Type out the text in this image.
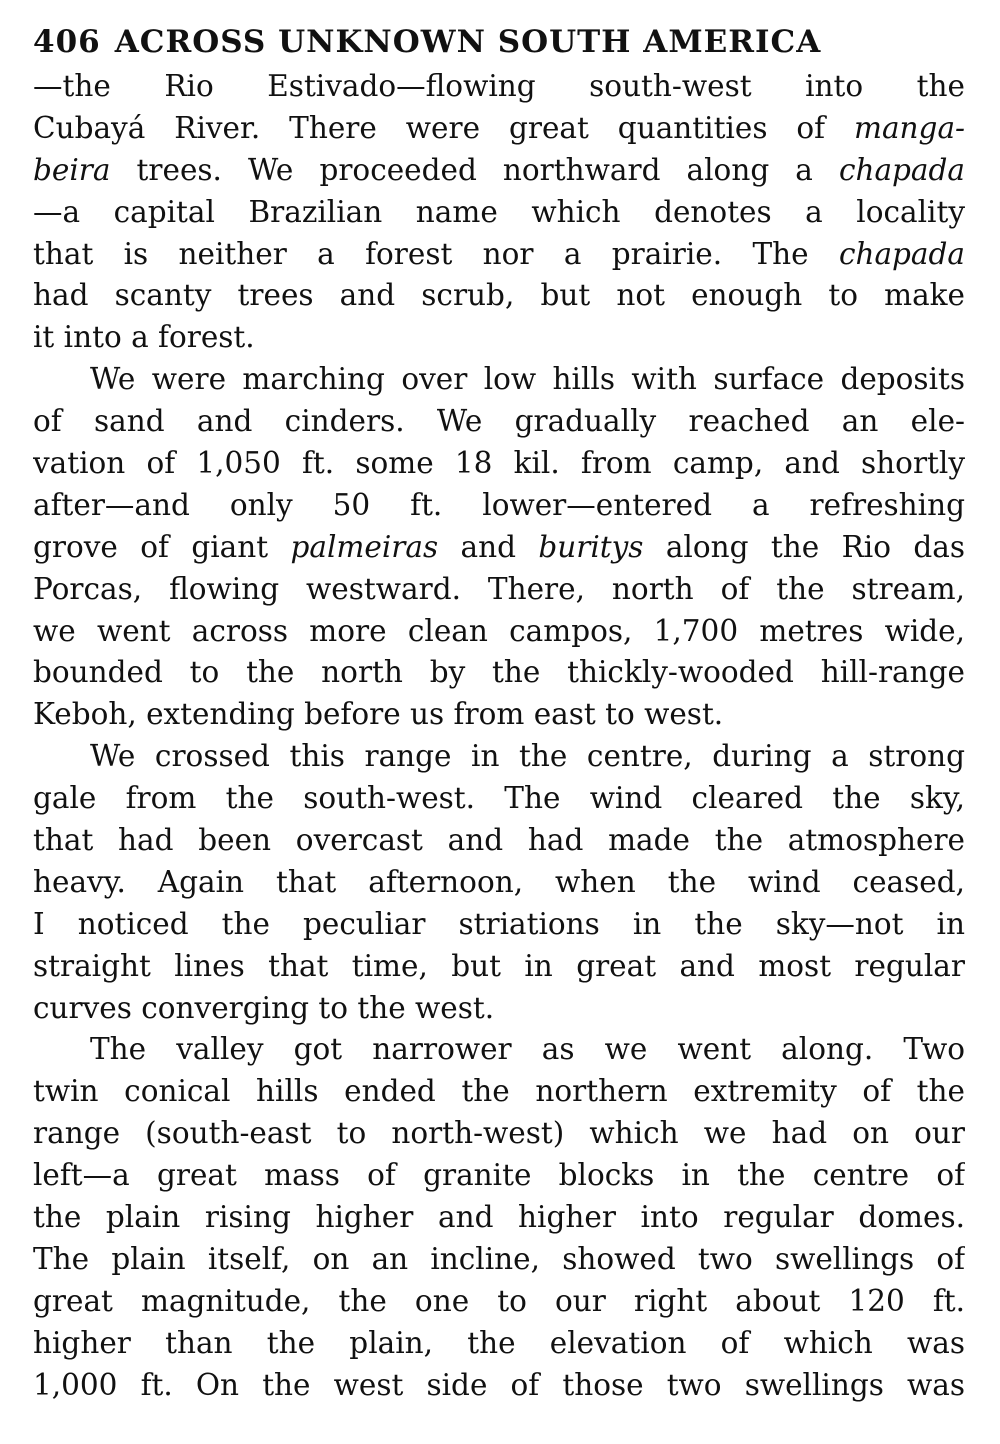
406 ACROSS UNKNOWN SOUTH AMERICA
—the Rio Estivado—flowing south-west into the
Cubayá River. There were great quantities of manga-
beira trees. We proceeded northward along a chapada
—a capital Brazilian name which denotes a locality
that is neither a forest nor a prairie. The chapada
had scanty trees and scrub, but not enough to make
it into a forest.
We were marching over low hills with surface deposits
of sand and cinders. We gradually reached an ele-
vation of 1,050 ft. some 18 kil. from camp, and shortly
after—and only 50 ft. lower—entered a refreshing
grove of giant palmeiras and buritys along the Rio das
Porcas, flowing westward. There, north of the stream,
we went across more clean campos, 1,700 metres wide,
bounded to the north by the thickly-wooded hill-range
Keboh, extending before us from east to west.
We crossed this range in the centre, during a strong
gale from the south-west. The wind cleared the sky,
that had been overcast and had made the atmosphere
heavy. Again that afternoon, when the wind ceased,
I noticed the peculiar striations in the sky—not in
straight lines that time, but in great and most regular
curves converging to the west.
The valley got narrower as we went along. Two
twin conical hills ended the northern extremity of the
range (south-east to north-west) which we had on our
left—a great mass of granite blocks in the centre of
the plain rising higher and higher into regular domes.
The plain itself, on an incline, showed two swellings of
great magnitude, the one to our right about 120 ft.
higher than the plain, the elevation of which was
1,000 ft. On the west side of those two swellings was
